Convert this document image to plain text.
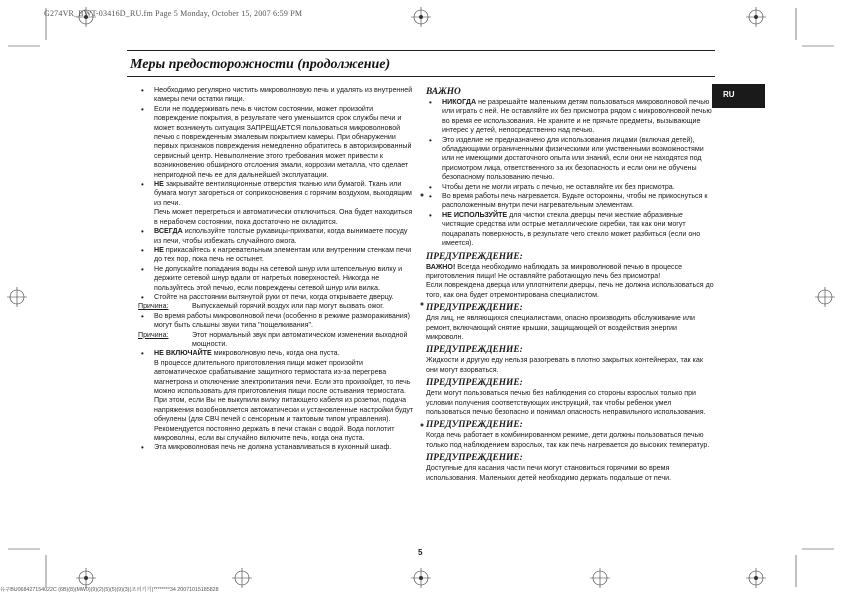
G274VR_BWT-03416D_RU.fm Page 5 Monday, October 15, 2007 6:59 PM
Меры предосторожности (продолжение)
RU
• Необходимо регулярно чистить микроволновую печь и удалять из внутренней камеры печи остатки пищи.
• Если не поддерживать печь в чистом состоянии, может произойти повреждение покрытия, в результате чего уменьшится срок службы печи и может возникнуть ситуация ЗАПРЕЩАЕТСЯ пользоваться микроволновой печью с поврежденным эмалевым покрытием камеры. При обнаружении первых признаков повреждения немедленно обратитесь в авторизированный сервисный центр. Невыполнение этого требования может привести к возникновению обширного отслоения эмали, коррозии металла, что сделает непригодной печь ее для дальнейшей эксплуатации.
• НЕ закрывайте вентиляционные отверстия тканью или бумагой. Ткань или бумага могут загореться от соприкосновения с горячим воздухом, выходящим из печи.
Печь может перегреться и автоматически отключиться. Она будет находиться в нерабочем состоянии, пока достаточно не охладится.
• ВСЕГДА используйте толстые рукавицы-прихватки, когда вынимаете посуду из печи, чтобы избежать случайного ожога.
• НЕ прикасайтесь к нагревательным элементам или внутренним стенкам печи до тех пор, пока печь не остынет.
• Не допускайте попадания воды на сетевой шнур или штепсельную вилку и держите сетевой шнур вдали от нагретых поверхностей. Никогда не пользуйтесь этой печью, если повреждены сетевой шнур или вилка.
• Стойте на расстоянии вытянутой руки от печи, когда открываете дверцу.
Причина:	Выпускаемый горячий воздух или пар могут вызвать ожог.
• Во время работы микроволновой печи (особенно в режиме размораживания) могут быть слышны звуки типа "пощелкивания".
Причина:	Этот нормальный звук при автоматическом изменении выходной мощности.
• НЕ ВКЛЮЧАЙТЕ микроволновую печь, когда она пуста.
В процессе длительного приготовления пищи может произойти автоматическое срабатывание защитного термостата из-за перегрева магнетрона и отключение электропитания печи. Если это произойдет, то печь можно использовать для приготовления пищи после остывания термостата. При этом, если Вы не выкупили вилку питающего кабеля из розетки, подача напряжения возобновляется автоматически и установленные настройки будут обнулены (для СВЧ печей с сенсорным и тактовым типом управления). Рекомендуется постоянно держать в печи стакан с водой. Вода поглотит микроволны, если вы случайно включите печь, когда она пуста.
• Эта микроволновая печь не должна устанавливаться в кухонный шкаф.
ВАЖНО
• НИКОГДА не разрешайте маленьким детям пользоваться микроволновой печью или играть с ней. Не оставляйте их без присмотра рядом с микроволновой печью во время ее использования. Не храните и не прячьте предметы, вызывающие интерес у детей, непосредственно над печью.
• Это изделие не предназначено для использования лицами (включая детей), обладающими ограниченными физическими или умственными возможностями или не имеющими достаточного опыта или знаний, если они не находятся под присмотром лица, ответственного за их безопасность и если они не обучены безопасному пользованию печью.
• Чтобы дети не могли играть с печью, не оставляйте их без присмотра.
• Во время работы печь нагревается. Будьте осторожны, чтобы не прикоснуться к расположенным внутри печи нагревательным элементам.
• НЕ ИСПОЛЬЗУЙТЕ для чистки стекла дверцы печи жесткие абразивные чистящие средства или острые металлические скребки, так как они могут поцарапать поверхность, в результате чего стекло может разбиться (если оно имеется).
ПРЕДУПРЕЖДЕНИЕ:
ВАЖНО! Всегда необходимо наблюдать за микроволновой печью в процессе приготовления пищи! Не оставляйте работающую печь без присмотра!
Если повреждена дверца или уплотнители дверцы, печь не должна использоваться до того, как она будет отремонтирована специалистом.
ПРЕДУПРЕЖДЕНИЕ:
Для лиц, не являющихся специалистами, опасно производить обслуживание или ремонт, включающий снятие крышки, защищающей от воздействия энергии микроволн.
ПРЕДУПРЕЖДЕНИЕ:
Жидкости и другую еду нельзя разогревать в плотно закрытых контейнерах, так как они могут взорваться.
ПРЕДУПРЕЖДЕНИЕ:
Дети могут пользоваться печью без наблюдения со стороны взрослых только при условии получения соответствующих инструкций, так чтобы ребенок умел пользоваться печью безопасно и понимал опасность неправильного использования.
ПРЕДУПРЕЖДЕНИЕ:
Когда печь работает в комбинированном режиме, дети должны пользоваться печью только под наблюдением взрослых, так как печь нагревается до высоких температур.
ПРЕДУПРЕЖДЕНИЕ:
Доступные для касания части печи могут становиться горячими во время использования. Маленьких детей необходимо держать подальше от печи.
5
유구BU068427154022C (6B)(8)(MW0)(9)(2)(5)(5)(9)(3)(조리기기)********34 20071015185828
